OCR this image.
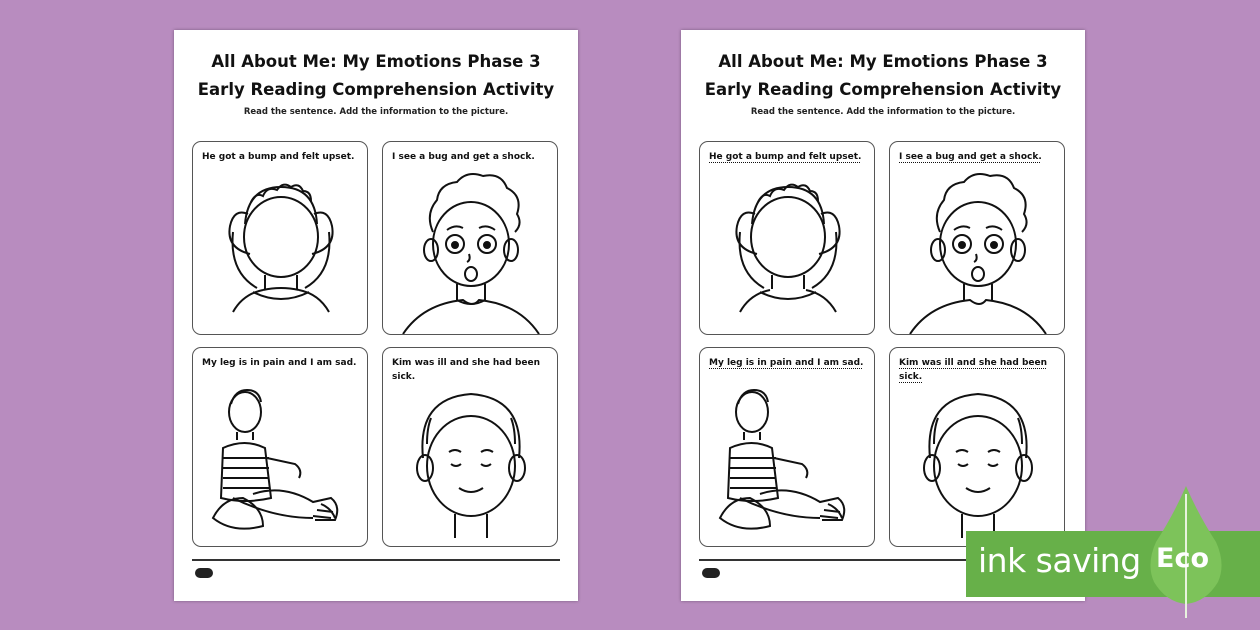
All About Me: My Emotions Phase 3
Early Reading Comprehension Activity
Read the sentence. Add the information to the picture.
He got a bump and felt upset.	I see a bug and get a shock.
My leg is in pain and I am sad.	Kim was ill and she had been sick.
All About Me: My Emotions Phase 3
Early Reading Comprehension Activity
Read the sentence. Add the information to the picture.
He got a bump and felt upset.	I see a bug and get a shock.
My leg is in pain and I am sad.	Kim was ill and she had been sick.
ink saving Eco
